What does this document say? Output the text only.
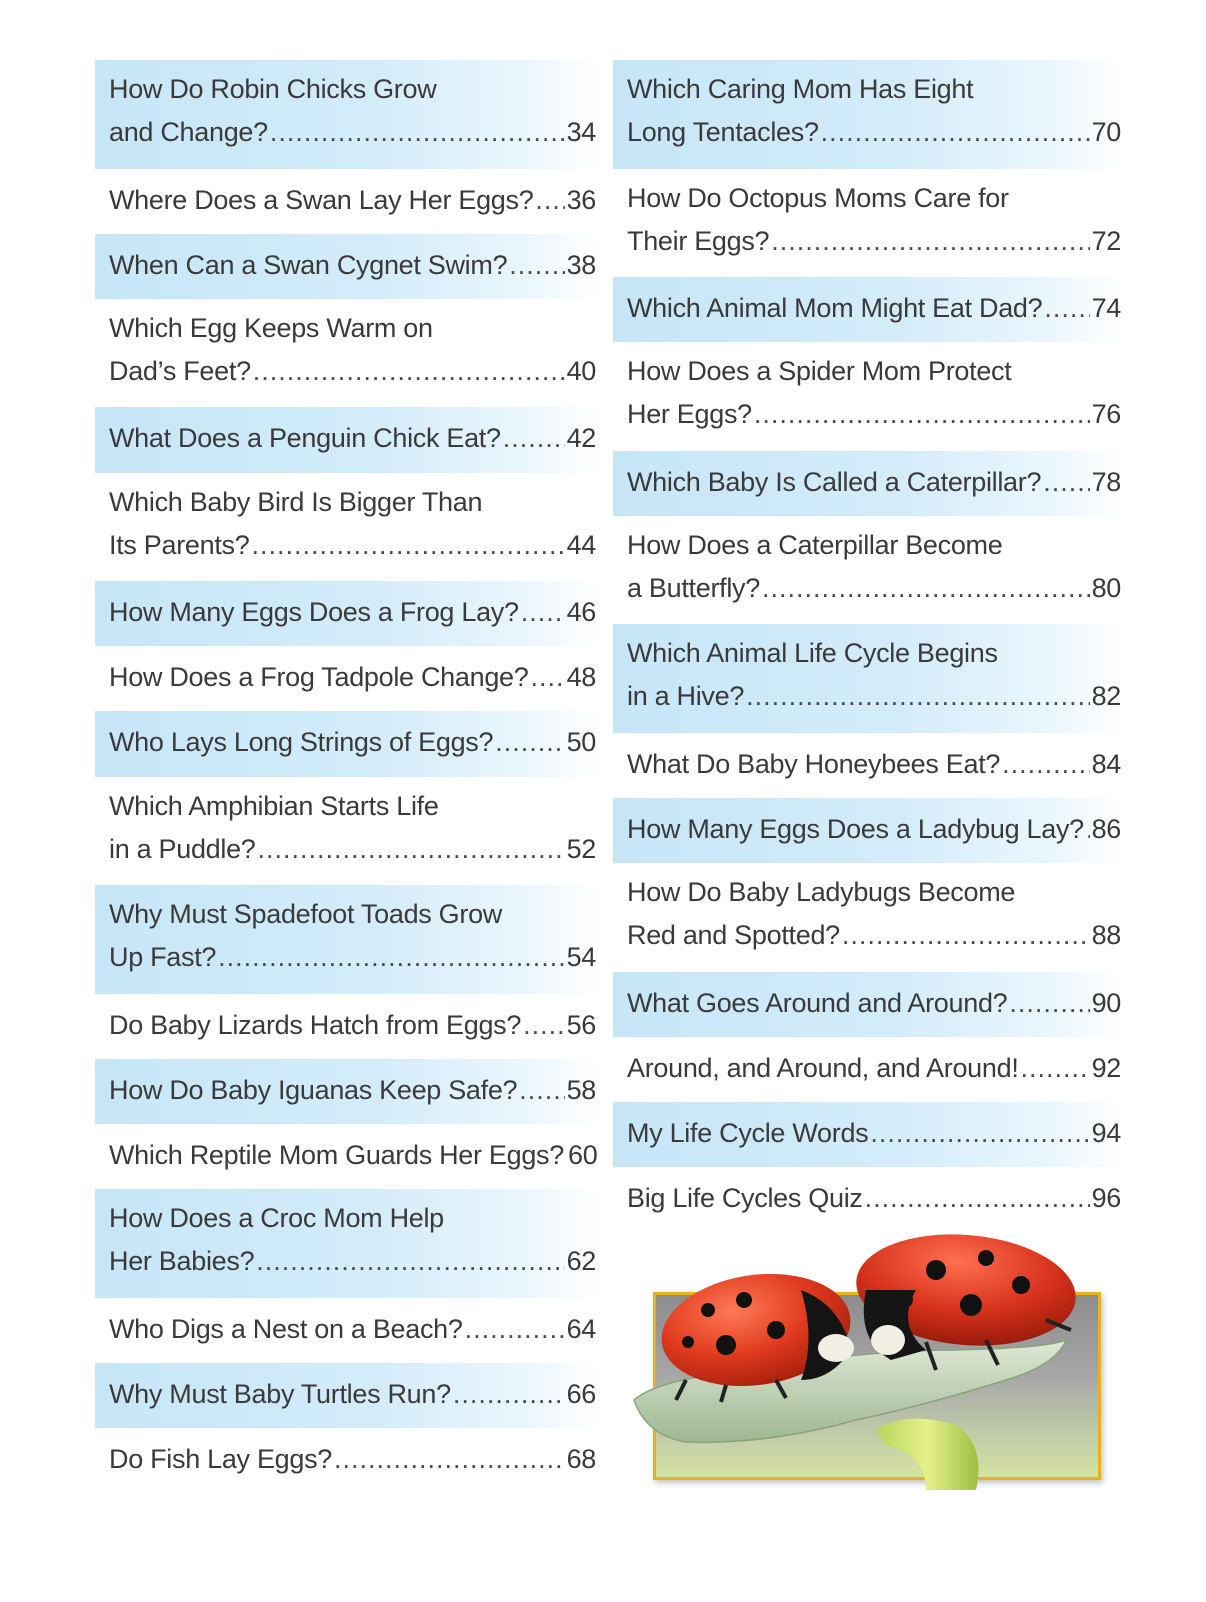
How Do Robin Chicks Grow
and Change? .....	34
Where Does a Swan Lay Her Eggs? ..... 36
When Can a Swan Cygnet Swim? ..... 38
Which Egg Keeps Warm on
Dad’s Feet? .....	40
What Does a Penguin Chick Eat? ..... 42
Which Baby Bird Is Bigger Than
Its Parents? .....	44
How Many Eggs Does a Frog Lay? ..... 46
How Does a Frog Tadpole Change? ..... 48
Who Lays Long Strings of Eggs? .....	50
Which Amphibian Starts Life
in a Puddle? .....	52
Why Must Spadefoot Toads Grow
Up Fast? .....	54
Do Baby Lizards Hatch from Eggs? ..... 56
How Do Baby Iguanas Keep Safe? ..... 58
Which Reptile Mom Guards Her Eggs? 60
How Does a Croc Mom Help
Her Babies? .....	62
Who Digs a Nest on a Beach? .....	64
Why Must Baby Turtles Run? .....	66
Do Fish Lay Eggs? .....	68
Which Caring Mom Has Eight
Long Tentacles? .....	70
How Do Octopus Moms Care for
Their Eggs? .....	72
Which Animal Mom Might Eat Dad? ..... 74
How Does a Spider Mom Protect
Her Eggs? .....	76
Which Baby Is Called a Caterpillar? ..... 78
How Does a Caterpillar Become
a Butterfly? .....	80
Which Animal Life Cycle Begins
in a Hive? .....	82
What Do Baby Honeybees Eat? .....	84
How Many Eggs Does a Ladybug Lay? ..... 86
How Do Baby Ladybugs Become
Red and Spotted? .....	88
What Goes Around and Around? .....	90
Around, and Around, and Around! .....	92
My Life Cycle Words .....	94
Big Life Cycles Quiz .....	96
